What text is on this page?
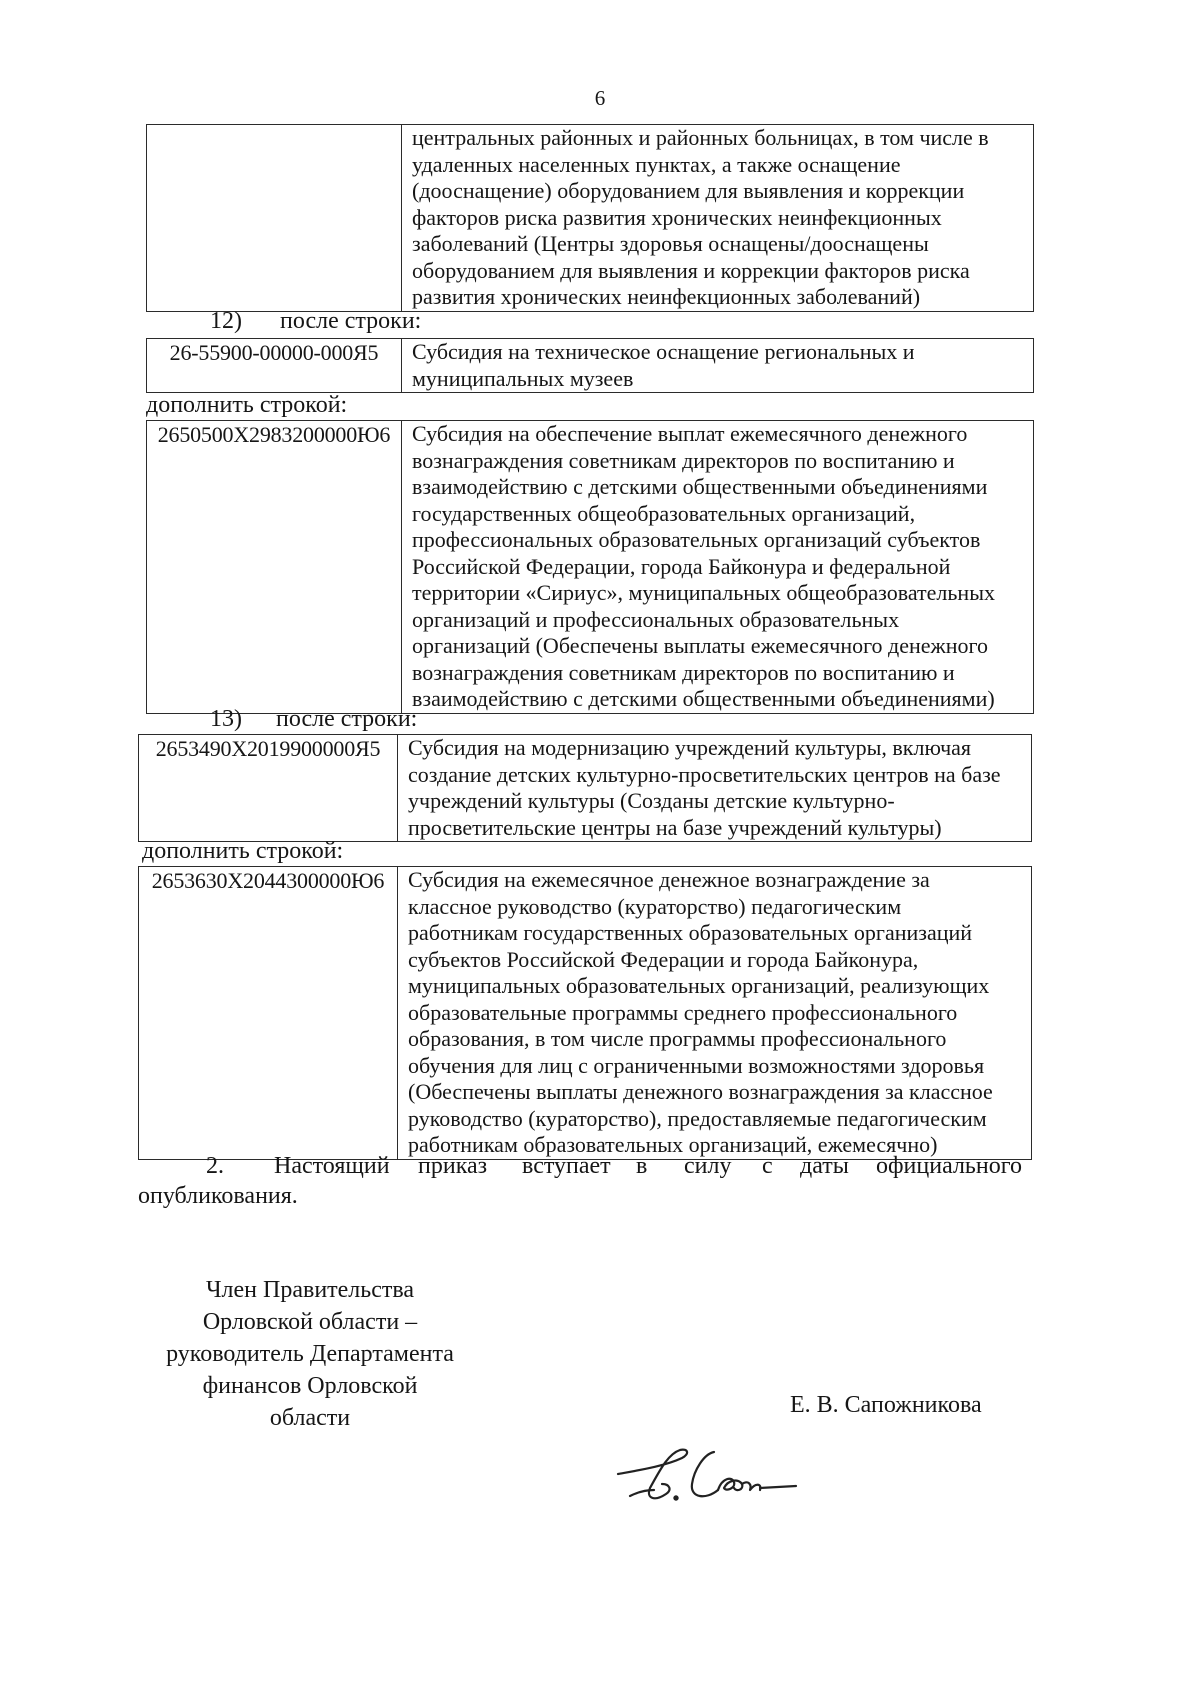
6

центральных районных и районных больницах, в том числе в
удаленных населенных пунктах, а также оснащение
(дооснащение) оборудованием для выявления и коррекции
факторов риска развития хронических неинфекционных
заболеваний (Центры здоровья оснащены/дооснащены
оборудованием для выявления и коррекции факторов риска
развития хронических неинфекционных заболеваний)
12) после строки:
26-55900-00000-000Я5	Субсидия на техническое оснащение региональных и
муниципальных музеев
дополнить строкой:
2650500Х2983200000Ю6	Субсидия на обеспечение выплат ежемесячного денежного
вознаграждения советникам директоров по воспитанию и
взаимодействию с детскими общественными объединениями
государственных общеобразовательных организаций,
профессиональных образовательных организаций субъектов
Российской Федерации, города Байконура и федеральной
территории «Сириус», муниципальных общеобразовательных
организаций и профессиональных образовательных
организаций (Обеспечены выплаты ежемесячного денежного
вознаграждения советникам директоров по воспитанию и
взаимодействию с детскими общественными объединениями)
13) после строки:
2653490Х2019900000Я5	Субсидия на модернизацию учреждений культуры, включая
создание детских культурно-просветительских центров на базе
учреждений культуры (Созданы детские культурно-
просветительские центры на базе учреждений культуры)
дополнить строкой:
2653630Х2044300000Ю6	Субсидия на ежемесячное денежное вознаграждение за
классное руководство (кураторство) педагогическим
работникам государственных образовательных организаций
субъектов Российской Федерации и города Байконура,
муниципальных образовательных организаций, реализующих
образовательные программы среднего профессионального
образования, в том числе программы профессионального
обучения для лиц с ограниченными возможностями здоровья
(Обеспечены выплаты денежного вознаграждения за классное
руководство (кураторство), предоставляемые педагогическим
работникам образовательных организаций, ежемесячно)
2. Настоящий приказ вступает в силу с даты официального
опубликования.
Член Правительства
Орловской области –
руководитель Департамента
финансов Орловской
области	Е. В. Сапожникова
